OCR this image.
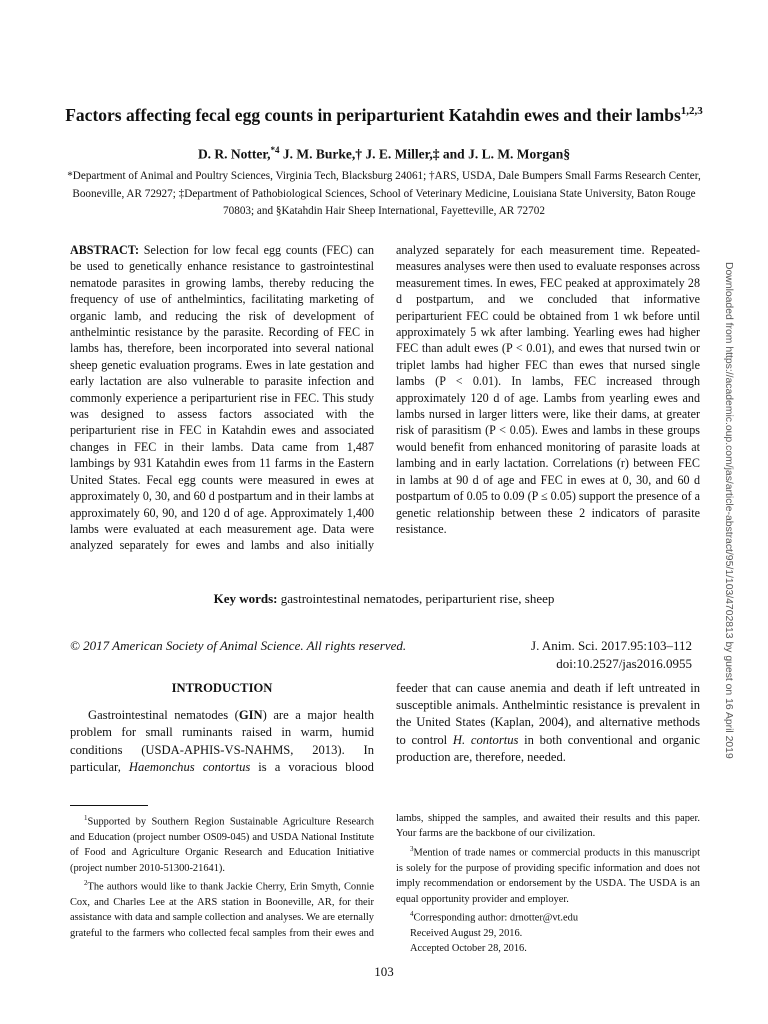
Factors affecting fecal egg counts in periparturient Katahdin ewes and their lambs$^{1,2,3}$
D. R. Notter,$^{*4}$ J. M. Burke,† J. E. Miller,‡ and J. L. M. Morgan§
*Department of Animal and Poultry Sciences, Virginia Tech, Blacksburg 24061; †ARS, USDA, Dale Bumpers Small Farms Research Center, Booneville, AR 72927; ‡Department of Pathobiological Sciences, School of Veterinary Medicine, Louisiana State University, Baton Rouge 70803; and §Katahdin Hair Sheep International, Fayetteville, AR 72702
ABSTRACT: Selection for low fecal egg counts (FEC) can be used to genetically enhance resistance to gastrointestinal nematode parasites in growing lambs, thereby reducing the frequency of use of anthelmintics, facilitating marketing of organic lamb, and reducing the risk of development of anthelmintic resistance by the parasite. Recording of FEC in lambs has, therefore, been incorporated into several national sheep genetic evaluation programs. Ewes in late gestation and early lactation are also vulnerable to parasite infection and commonly experience a periparturient rise in FEC. This study was designed to assess factors associated with the periparturient rise in FEC in Katahdin ewes and associated changes in FEC in their lambs. Data came from 1,487 lambings by 931 Katahdin ewes from 11 farms in the Eastern United States. Fecal egg counts were measured in ewes at approximately 0, 30, and 60 d postpartum and in their lambs at approximately 60, 90, and 120 d of age. Approximately 1,400 lambs were evaluated at each measurement age. Data were analyzed separately for ewes and lambs and also initially analyzed separately for each measurement time. Repeated-measures analyses were then used to evaluate responses across measurement times. In ewes, FEC peaked at approximately 28 d postpartum, and we concluded that informative periparturient FEC could be obtained from 1 wk before until approximately 5 wk after lambing. Yearling ewes had higher FEC than adult ewes (P < 0.01), and ewes that nursed twin or triplet lambs had higher FEC than ewes that nursed single lambs (P < 0.01). In lambs, FEC increased through approximately 120 d of age. Lambs from yearling ewes and lambs nursed in larger litters were, like their dams, at greater risk of parasitism (P < 0.05). Ewes and lambs in these groups would benefit from enhanced monitoring of parasite loads at lambing and in early lactation. Correlations (r) between FEC in lambs at 90 d of age and FEC in ewes at 0, 30, and 60 d postpartum of 0.05 to 0.09 (P ≤ 0.05) support the presence of a genetic relationship between these 2 indicators of parasite resistance.
Key words: gastrointestinal nematodes, periparturient rise, sheep
© 2017 American Society of Animal Science. All rights reserved.	J. Anim. Sci. 2017.95:103–112
doi:10.2527/jas2016.0955
INTRODUCTION

Gastrointestinal nematodes (GIN) are a major health problem for small ruminants raised in warm, humid conditions (USDA-APHIS-VS-NAHMS, 2013). In particular, Haemonchus contortus is a voracious blood feeder that can cause anemia and death if left untreated in susceptible animals. Anthelmintic resistance is prevalent in the United States (Kaplan, 2004), and alternative methods to control H. contortus in both conventional and organic production are, therefore, needed.

$^1$Supported by Southern Region Sustainable Agriculture Research and Education (project number OS09-045) and USDA National Institute of Food and Agriculture Organic Research and Education Initiative (project number 2010-51300-21641).

$^2$The authors would like to thank Jackie Cherry, Erin Smyth, Connie Cox, and Charles Lee at the ARS station in Booneville, AR, for their assistance with data and sample collection and analyses. We are eternally grateful to the farmers who collected fecal samples from their ewes and lambs, shipped the samples, and awaited their results and this paper. Your farms are the backbone of our civilization.

$^3$Mention of trade names or commercial products in this manuscript is solely for the purpose of providing specific information and does not imply recommendation or endorsement by the USDA. The USDA is an equal opportunity provider and employer.

$^4$Corresponding author: drnotter@vt.edu

Received August 29, 2016.

Accepted October 28, 2016.

103
Downloaded from https://academic.oup.com/jas/article-abstract/95/1/103/4702813 by guest on 16 April 2019
